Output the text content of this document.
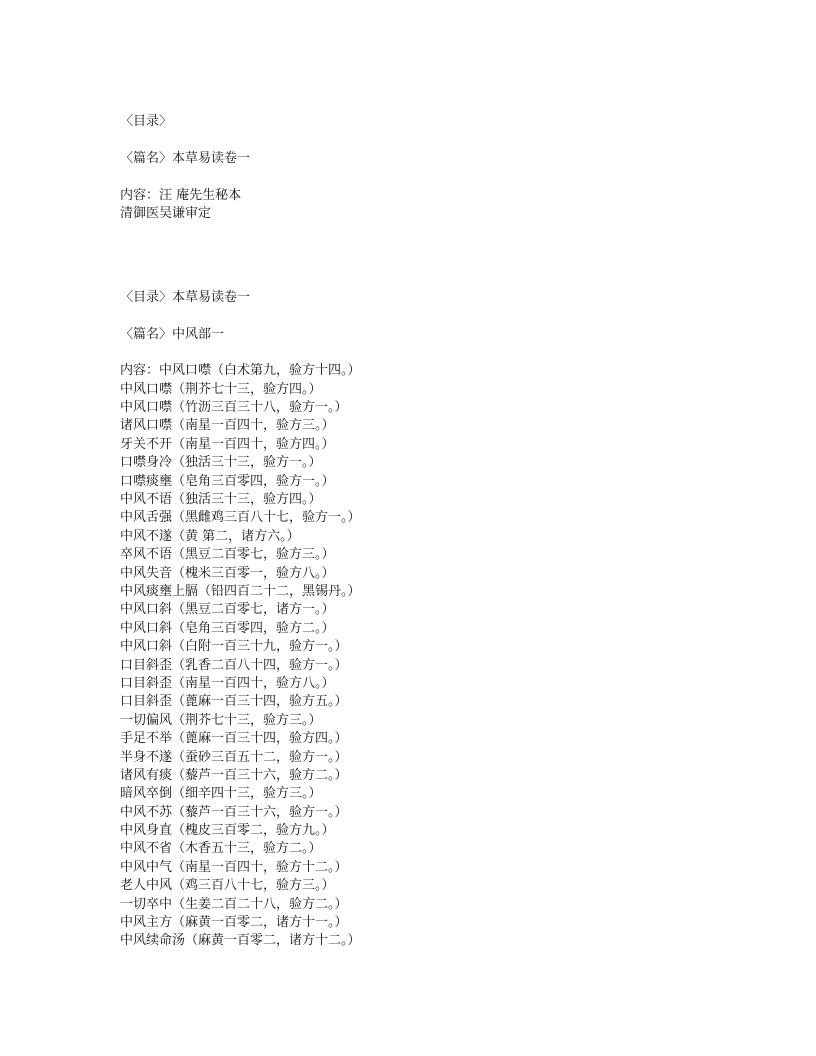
〈目录〉
〈篇名〉本草易读卷一
内容：汪 庵先生秘本
清御医吴谦审定
〈目录〉本草易读卷一
〈篇名〉中风部一
内容：中风口噤（白术第九，验方十四。）
中风口噤（荆芥七十三，验方四。）
中风口噤（竹沥三百三十八，验方一。）
诸风口噤（南星一百四十，验方三。）
牙关不开（南星一百四十，验方四。）
口噤身冷（独活三十三，验方一。）
口噤痰壅（皂角三百零四，验方一。）
中风不语（独活三十三，验方四。）
中风舌强（黑雌鸡三百八十七，验方一。）
中风不遂（黄 第二，诸方六。）
卒风不语（黑豆二百零七，验方三。）
中风失音（槐米三百零一，验方八。）
中风痰壅上膈（铅四百二十二，黑锡丹。）
中风口斜（黑豆二百零七，诸方一。）
中风口斜（皂角三百零四，验方二。）
中风口斜（白附一百三十九，验方一。）
口目斜歪（乳香二百八十四，验方一。）
口目斜歪（南星一百四十，验方八。）
口目斜歪（蓖麻一百三十四，验方五。）
一切偏风（荆芥七十三，验方三。）
手足不举（蓖麻一百三十四，验方四。）
半身不遂（蚕砂三百五十二，验方一。）
诸风有痰（藜芦一百三十六，验方二。）
暗风卒倒（细辛四十三，验方三。）
中风不苏（藜芦一百三十六，验方一。）
中风身直（槐皮三百零二，验方九。）
中风不省（木香五十三，验方二。）
中风中气（南星一百四十，验方十二。）
老人中风（鸡三百八十七，验方三。）
一切卒中（生姜二百二十八，验方二。）
中风主方（麻黄一百零二，诸方十一。）
中风续命汤（麻黄一百零二，诸方十二。）
